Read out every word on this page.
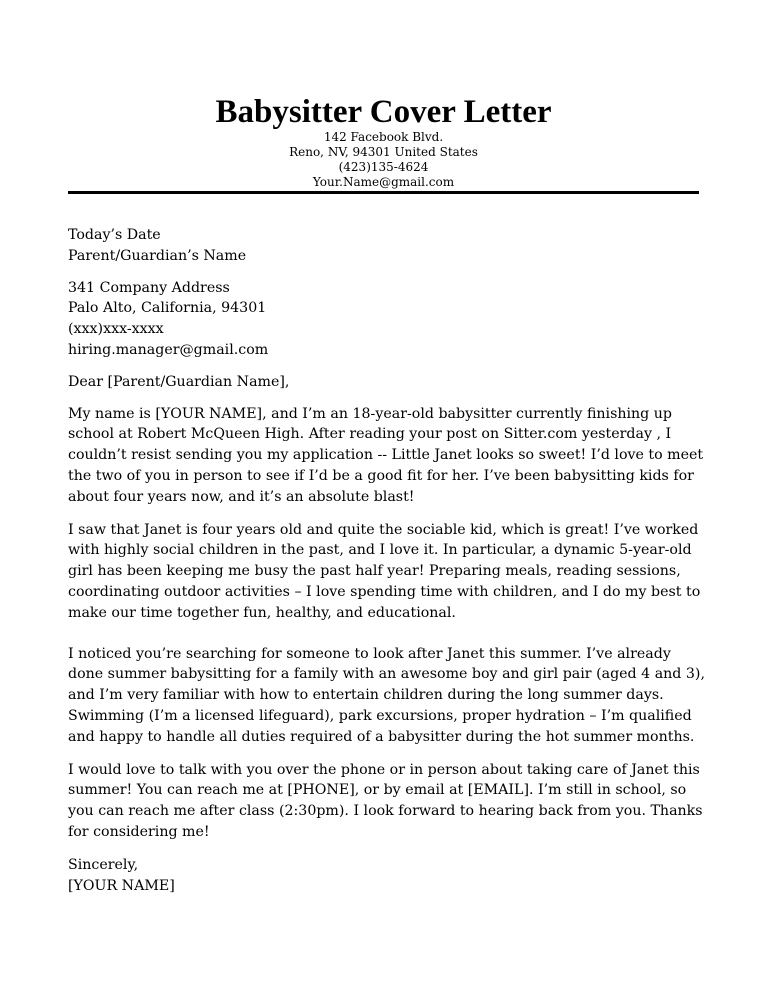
Babysitter Cover Letter
142 Facebook Blvd.
Reno, NV, 94301 United States
(423)135-4624
Your.Name@gmail.com
Today’s Date
Parent/Guardian’s Name
341 Company Address
Palo Alto, California, 94301
(xxx)xxx-xxxx
hiring.manager@gmail.com
Dear [Parent/Guardian Name],

My name is [YOUR NAME], and I’m an 18-year-old babysitter currently finishing up
school at Robert McQueen High. After reading your post on Sitter.com yesterday , I
couldn’t resist sending you my application -- Little Janet looks so sweet! I’d love to meet
the two of you in person to see if I’d be a good fit for her. I’ve been babysitting kids for
about four years now, and it’s an absolute blast!

I saw that Janet is four years old and quite the sociable kid, which is great! I’ve worked
with highly social children in the past, and I love it. In particular, a dynamic 5-year-old
girl has been keeping me busy the past half year! Preparing meals, reading sessions,
coordinating outdoor activities – I love spending time with children, and I do my best to
make our time together fun, healthy, and educational.

I noticed you’re searching for someone to look after Janet this summer. I’ve already
done summer babysitting for a family with an awesome boy and girl pair (aged 4 and 3),
and I’m very familiar with how to entertain children during the long summer days.
Swimming (I’m a licensed lifeguard), park excursions, proper hydration – I’m qualified
and happy to handle all duties required of a babysitter during the hot summer months.

I would love to talk with you over the phone or in person about taking care of Janet this
summer! You can reach me at [PHONE], or by email at [EMAIL]. I’m still in school, so
you can reach me after class (2:30pm). I look forward to hearing back from you. Thanks
for considering me!

Sincerely,
[YOUR NAME]
